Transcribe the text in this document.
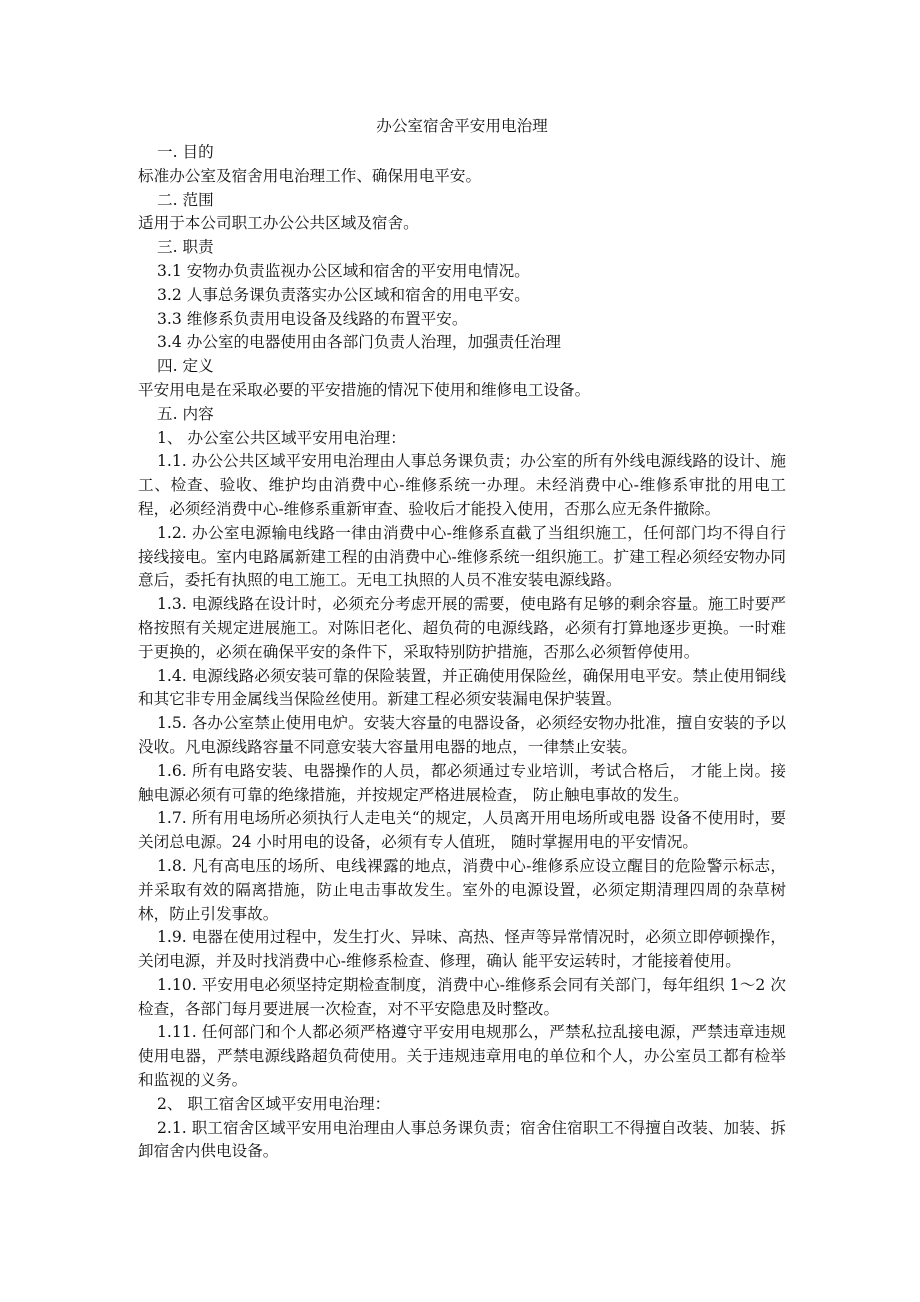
办公室宿舍平安用电治理
一. 目的
标准办公室及宿舍用电治理工作、确保用电平安。
二. 范围
适用于本公司职工办公公共区域及宿舍。
三. 职责
3.1 安物办负责监视办公区域和宿舍的平安用电情况。
3.2 人事总务课负责落实办公区域和宿舍的用电平安。
3.3 维修系负责用电设备及线路的布置平安。
3.4 办公室的电器使用由各部门负责人治理，加强责任治理
四. 定义
平安用电是在采取必要的平安措施的情况下使用和维修电工设备。
五. 内容
1、 办公室公共区域平安用电治理：

1.1. 办公公共区域平安用电治理由人事总务课负责；办公室的所有外线电源线路的设计、施工、检查、验收、维护均由消费中心-维修系统一办理。未经消费中心-维修系审批的用电工程，必须经消费中心-维修系重新审查、验收后才能投入使用，否那么应无条件撤除。

1.2. 办公室电源输电线路一律由消费中心-维修系直截了当组织施工，任何部门均不得自行接线接电。室内电路属新建工程的由消费中心-维修系统一组织施工。扩建工程必须经安物办同意后，委托有执照的电工施工。无电工执照的人员不准安装电源线路。

1.3. 电源线路在设计时，必须充分考虑开展的需要，使电路有足够的剩余容量。施工时要严格按照有关规定进展施工。对陈旧老化、超负荷的电源线路，必须有打算地逐步更换。一时难于更换的，必须在确保平安的条件下，采取特别防护措施，否那么必须暂停使用。

1.4. 电源线路必须安装可靠的保险装置，并正确使用保险丝，确保用电平安。禁止使用铜线和其它非专用金属线当保险丝使用。新建工程必须安装漏电保护装置。

1.5. 各办公室禁止使用电炉。安装大容量的电器设备，必须经安物办批准，擅自安装的予以没收。凡电源线路容量不同意安装大容量用电器的地点，一律禁止安装。

1.6. 所有电路安装、电器操作的人员，都必须通过专业培训，考试合格后， 才能上岗。接触电源必须有可靠的绝缘措施，并按规定严格进展检查， 防止触电事故的发生。

1.7. 所有用电场所必须执行人走电关“的规定，人员离开用电场所或电器 设备不使用时，要关闭总电源。24 小时用电的设备，必须有专人值班， 随时掌握用电的平安情况。

1.8. 凡有高电压的场所、电线裸露的地点，消费中心-维修系应设立醒目的危险警示标志，并采取有效的隔离措施，防止电击事故发生。室外的电源设置，必须定期清理四周的杂草树林，防止引发事故。

1.9. 电器在使用过程中，发生打火、异味、高热、怪声等异常情况时，必须立即停顿操作，关闭电源，并及时找消费中心-维修系检查、修理，确认 能平安运转时，才能接着使用。

1.10. 平安用电必须坚持定期检查制度，消费中心-维修系会同有关部门，每年组织 1～2 次检查，各部门每月要进展一次检查，对不平安隐患及时整改。

1.11. 任何部门和个人都必须严格遵守平安用电规那么，严禁私拉乱接电源，严禁违章违规使用电器，严禁电源线路超负荷使用。关于违规违章用电的单位和个人，办公室员工都有检举和监视的义务。

2、 职工宿舍区域平安用电治理：

2.1. 职工宿舍区域平安用电治理由人事总务课负责；宿舍住宿职工不得擅自改装、加装、拆卸宿舍内供电设备。
